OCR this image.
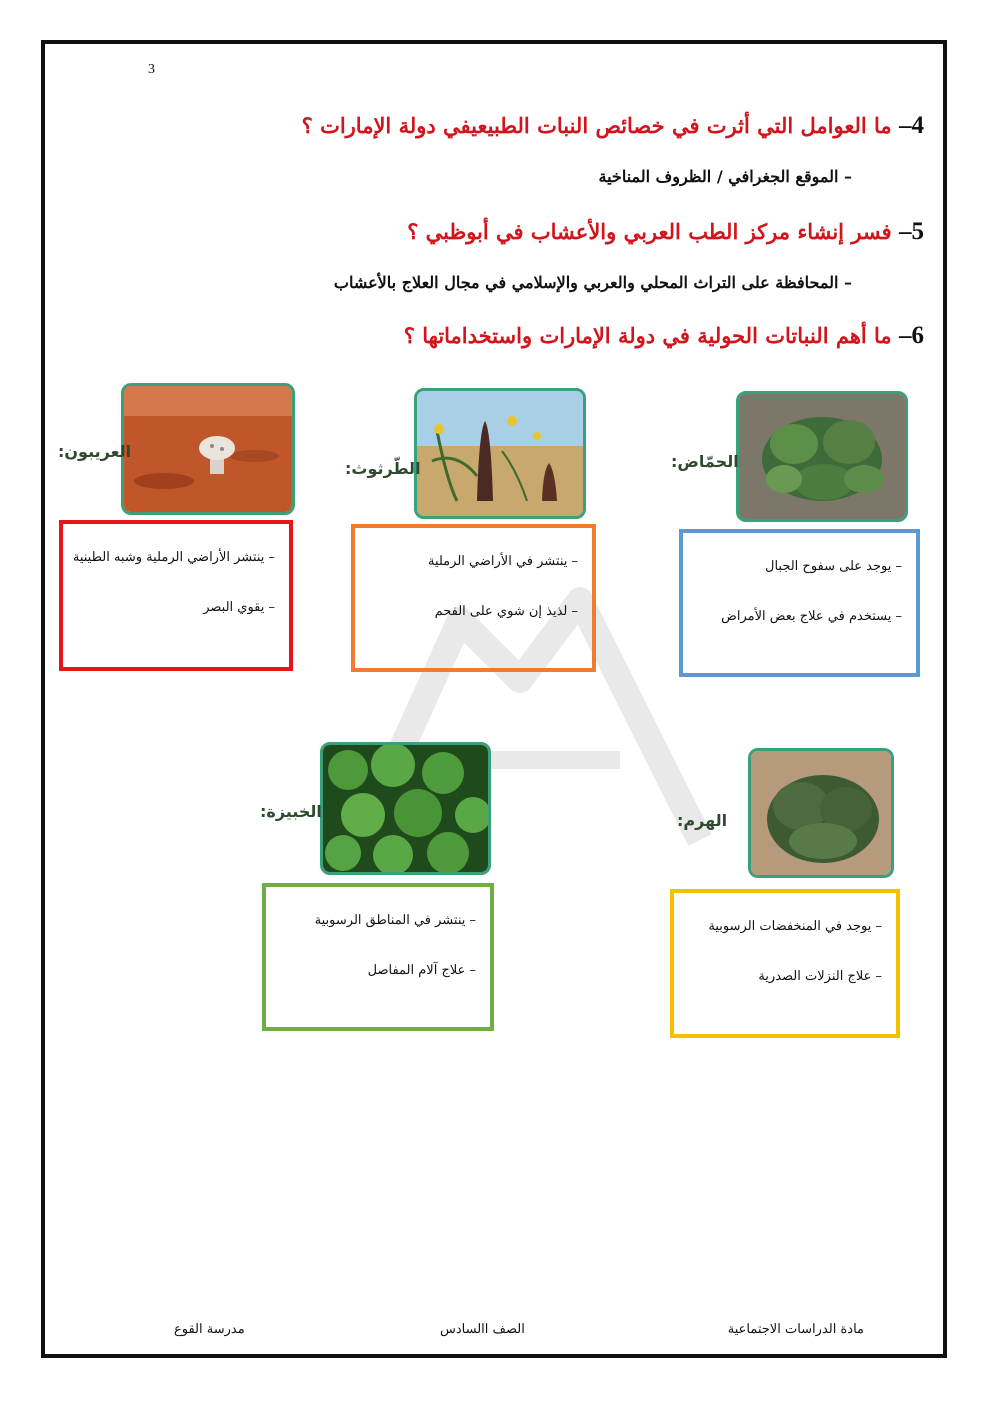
3
4– ما العوامل التي أثرت في خصائص النبات الطبيعيفي دولة الإمارات ؟
– الموقع الجغرافي / الظروف المناخية
5– فسر إنشاء مركز الطب العربي والأعشاب في أبوظبي ؟
– المحافظة على التراث المحلي والعربي والإسلامي في مجال العلاج بالأعشاب
6– ما أهم النباتات الحولية في دولة الإمارات واستخداماتها ؟
الحمّاض:
– يوجد على سفوح الجبال
– يستخدم في علاج بعض الأمراض
الطّرثوث:
– ينتشر في الأراضي الرملية
– لذيذ إن شوي على الفحم
العريبون:
– ينتشر الأراضي الرملية وشبه الطينية
– يقوي البصر
الهرم:
– يوجد في المنخفضات الرسوبية
– علاج النزلات الصدرية
الخبيزة:
– ينتشر في المناطق الرسوبية
– علاج آلام المفاصل
مادة الدراسات الاجتماعية
الصف االسادس
مدرسة القوع
